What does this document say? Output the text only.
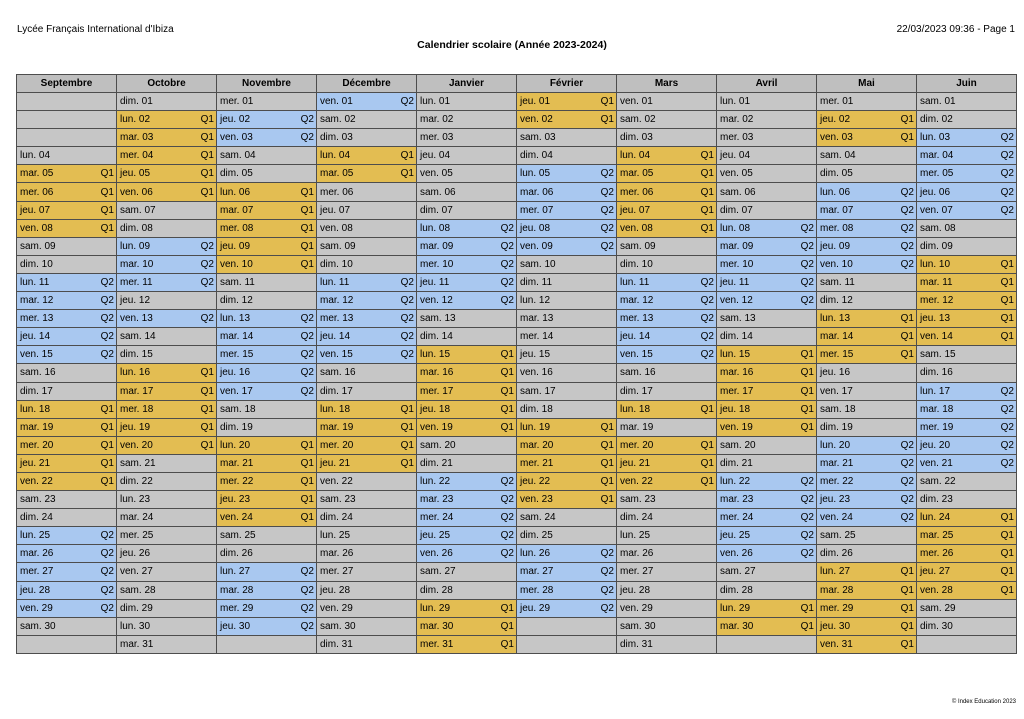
Lycée Français International d'Ibiza	22/03/2023 09:36 - Page 1
Calendrier scolaire (Année 2023-2024)
Septembre	Octobre	Novembre	Décembre	Janvier	Février	Mars	Avril	Mai	Juin

	dim. 01	mer. 01	ven. 01 Q2	lun. 01	jeu. 01 Q1	ven. 01	lun. 01	mer. 01	sam. 01

	lun. 02 Q1	jeu. 02 Q2	sam. 02	mar. 02	ven. 02 Q1	sam. 02	mar. 02	jeu. 02 Q1	dim. 02

	mar. 03 Q1	ven. 03 Q2	dim. 03	mer. 03	sam. 03	dim. 03	mer. 03	ven. 03 Q1	lun. 03 Q2

lun. 04	mer. 04 Q1	sam. 04	lun. 04 Q1	jeu. 04	dim. 04	lun. 04 Q1	jeu. 04	sam. 04	mar. 04 Q2

mar. 05 Q1	jeu. 05 Q1	dim. 05	mar. 05 Q1	ven. 05	lun. 05 Q2	mar. 05 Q1	ven. 05	dim. 05	mer. 05 Q2

mer. 06 Q1	ven. 06 Q1	lun. 06 Q1	mer. 06	sam. 06	mar. 06 Q2	mer. 06 Q1	sam. 06	lun. 06 Q2	jeu. 06 Q2

jeu. 07 Q1	sam. 07	mar. 07 Q1	jeu. 07	dim. 07	mer. 07 Q2	jeu. 07 Q1	dim. 07	mar. 07 Q2	ven. 07 Q2

ven. 08 Q1	dim. 08	mer. 08 Q1	ven. 08	lun. 08 Q2	jeu. 08 Q2	ven. 08 Q1	lun. 08 Q2	mer. 08 Q2	sam. 08

sam. 09	lun. 09 Q2	jeu. 09 Q1	sam. 09	mar. 09 Q2	ven. 09 Q2	sam. 09	mar. 09 Q2	jeu. 09 Q2	dim. 09

dim. 10	mar. 10 Q2	ven. 10 Q1	dim. 10	mer. 10 Q2	sam. 10	dim. 10	mer. 10 Q2	ven. 10 Q2	lun. 10 Q1

lun. 11 Q2	mer. 11 Q2	sam. 11	lun. 11 Q2	jeu. 11 Q2	dim. 11	lun. 11 Q2	jeu. 11 Q2	sam. 11	mar. 11 Q1

mar. 12 Q2	jeu. 12	dim. 12	mar. 12 Q2	ven. 12 Q2	lun. 12	mar. 12 Q2	ven. 12 Q2	dim. 12	mer. 12 Q1

mer. 13 Q2	ven. 13 Q2	lun. 13 Q2	mer. 13 Q2	sam. 13	mar. 13	mer. 13 Q2	sam. 13	lun. 13 Q1	jeu. 13 Q1

jeu. 14 Q2	sam. 14	mar. 14 Q2	jeu. 14 Q2	dim. 14	mer. 14	jeu. 14 Q2	dim. 14	mar. 14 Q1	ven. 14 Q1

ven. 15 Q2	dim. 15	mer. 15 Q2	ven. 15 Q2	lun. 15 Q1	jeu. 15	ven. 15 Q2	lun. 15 Q1	mer. 15 Q1	sam. 15

sam. 16	lun. 16 Q1	jeu. 16 Q2	sam. 16	mar. 16 Q1	ven. 16	sam. 16	mar. 16 Q1	jeu. 16	dim. 16

dim. 17	mar. 17 Q1	ven. 17 Q2	dim. 17	mer. 17 Q1	sam. 17	dim. 17	mer. 17 Q1	ven. 17	lun. 17 Q2

lun. 18 Q1	mer. 18 Q1	sam. 18	lun. 18 Q1	jeu. 18 Q1	dim. 18	lun. 18 Q1	jeu. 18 Q1	sam. 18	mar. 18 Q2

mar. 19 Q1	jeu. 19 Q1	dim. 19	mar. 19 Q1	ven. 19 Q1	lun. 19 Q1	mar. 19	ven. 19 Q1	dim. 19	mer. 19 Q2

mer. 20 Q1	ven. 20 Q1	lun. 20 Q1	mer. 20 Q1	sam. 20	mar. 20 Q1	mer. 20 Q1	sam. 20	lun. 20 Q2	jeu. 20 Q2

jeu. 21 Q1	sam. 21	mar. 21 Q1	jeu. 21 Q1	dim. 21	mer. 21 Q1	jeu. 21 Q1	dim. 21	mar. 21 Q2	ven. 21 Q2

ven. 22 Q1	dim. 22	mer. 22 Q1	ven. 22	lun. 22 Q2	jeu. 22 Q1	ven. 22 Q1	lun. 22 Q2	mer. 22 Q2	sam. 22

sam. 23	lun. 23	jeu. 23 Q1	sam. 23	mar. 23 Q2	ven. 23 Q1	sam. 23	mar. 23 Q2	jeu. 23 Q2	dim. 23

dim. 24	mar. 24	ven. 24 Q1	dim. 24	mer. 24 Q2	sam. 24	dim. 24	mer. 24 Q2	ven. 24 Q2	lun. 24 Q1

lun. 25 Q2	mer. 25	sam. 25	lun. 25	jeu. 25 Q2	dim. 25	lun. 25	jeu. 25 Q2	sam. 25	mar. 25 Q1

mar. 26 Q2	jeu. 26	dim. 26	mar. 26	ven. 26 Q2	lun. 26 Q2	mar. 26	ven. 26 Q2	dim. 26	mer. 26 Q1

mer. 27 Q2	ven. 27	lun. 27 Q2	mer. 27	sam. 27	mar. 27 Q2	mer. 27	sam. 27	lun. 27 Q1	jeu. 27 Q1

jeu. 28 Q2	sam. 28	mar. 28 Q2	jeu. 28	dim. 28	mer. 28 Q2	jeu. 28	dim. 28	mar. 28 Q1	ven. 28 Q1

ven. 29 Q2	dim. 29	mer. 29 Q2	ven. 29	lun. 29 Q1	jeu. 29 Q2	ven. 29	lun. 29 Q1	mer. 29 Q1	sam. 29

sam. 30	lun. 30	jeu. 30 Q2	sam. 30	mar. 30 Q1		sam. 30	mar. 30 Q1	jeu. 30 Q1	dim. 30

	mar. 31		dim. 31	mer. 31 Q1		dim. 31		ven. 31 Q1	

© Index Education 2023
